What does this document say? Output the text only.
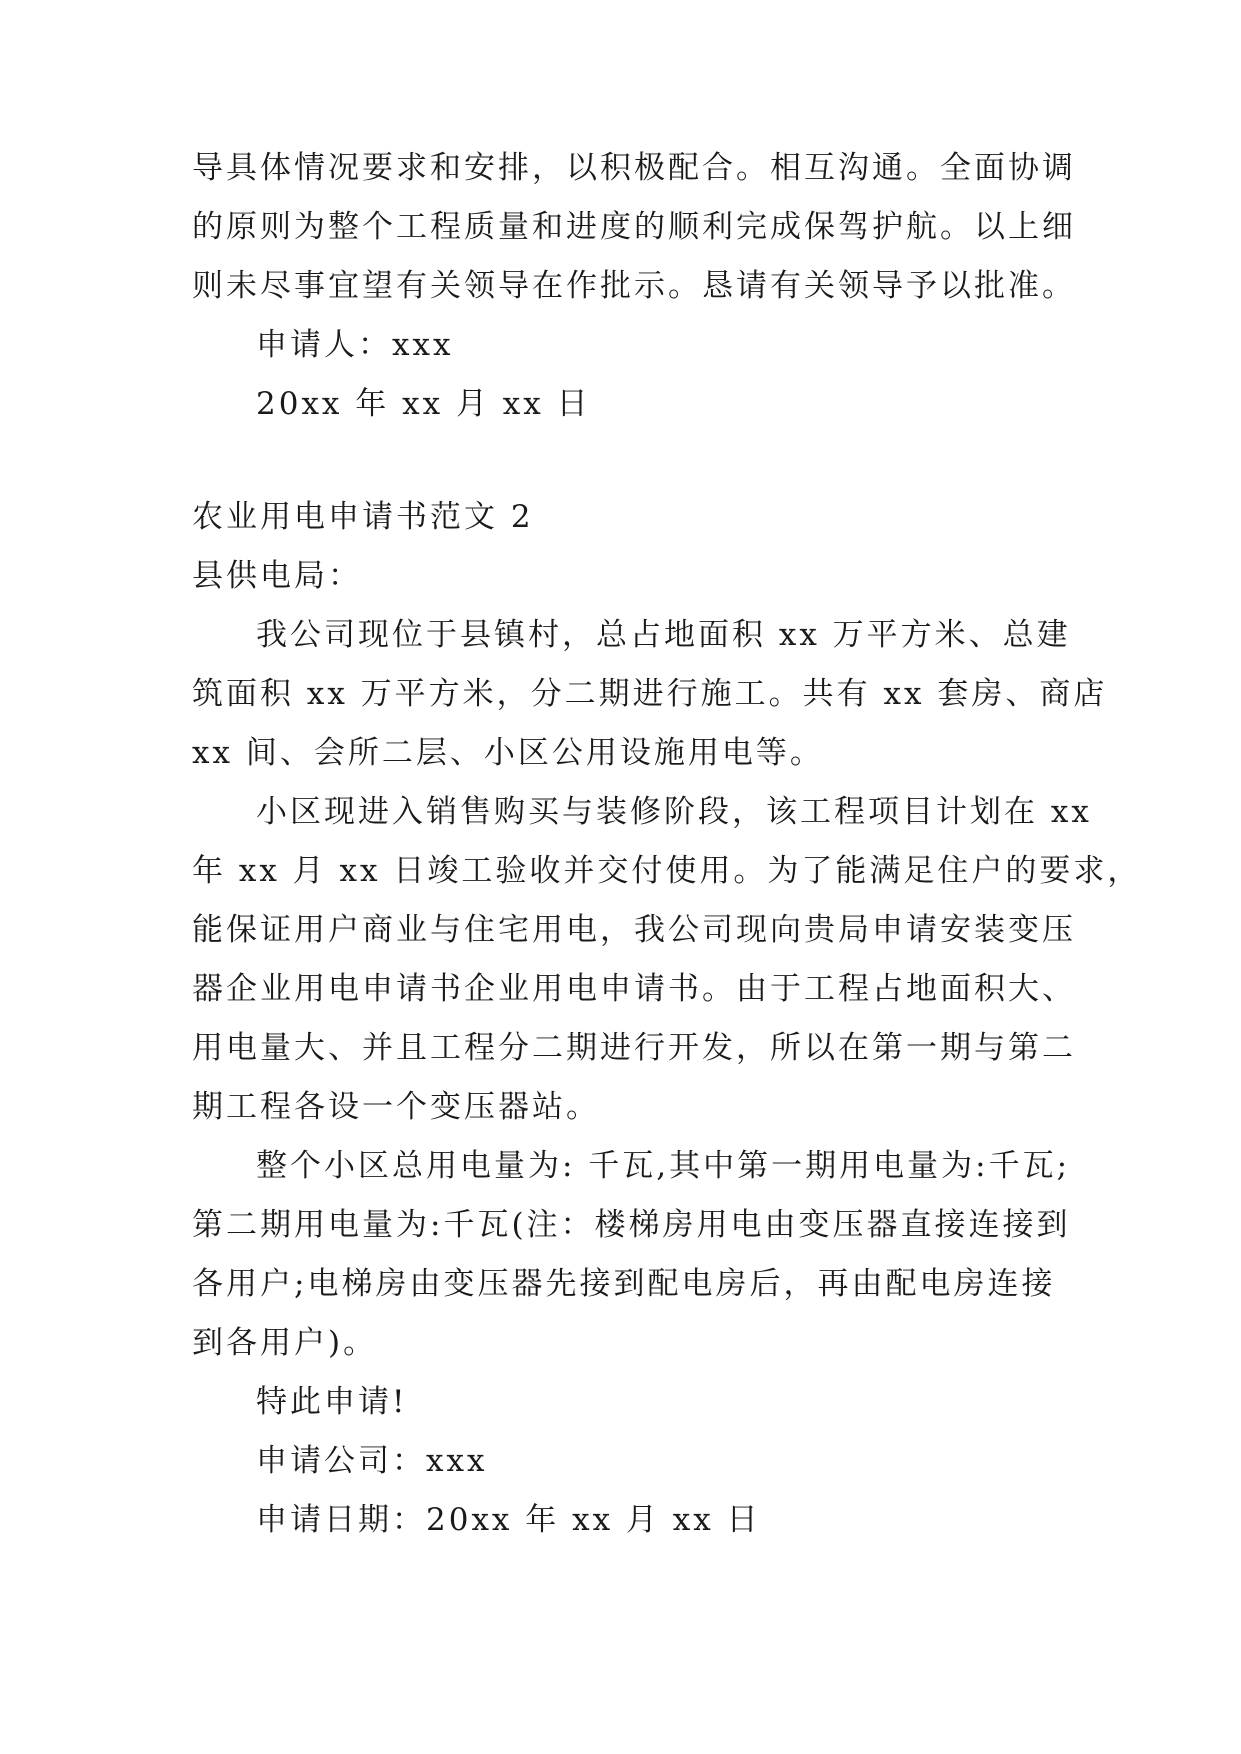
导具体情况要求和安排，以积极配合。相互沟通。全面协调
的原则为整个工程质量和进度的顺利完成保驾护航。以上细
则未尽事宜望有关领导在作批示。恳请有关领导予以批准。
申请人：xxx
20xx 年 xx 月 xx 日
农业用电申请书范文 2
县供电局：
我公司现位于县镇村，总占地面积 xx 万平方米、总建
筑面积 xx 万平方米，分二期进行施工。共有 xx 套房、商店
xx 间、会所二层、小区公用设施用电等。
小区现进入销售购买与装修阶段，该工程项目计划在 xx
年 xx 月 xx 日竣工验收并交付使用。为了能满足住户的要求，
能保证用户商业与住宅用电，我公司现向贵局申请安装变压
器企业用电申请书企业用电申请书。由于工程占地面积大、
用电量大、并且工程分二期进行开发，所以在第一期与第二
期工程各设一个变压器站。
整个小区总用电量为: 千瓦,其中第一期用电量为:千瓦;
第二期用电量为:千瓦(注：楼梯房用电由变压器直接连接到
各用户;电梯房由变压器先接到配电房后，再由配电房连接
到各用户)。
特此申请!
申请公司：xxx
申请日期：20xx 年 xx 月 xx 日
